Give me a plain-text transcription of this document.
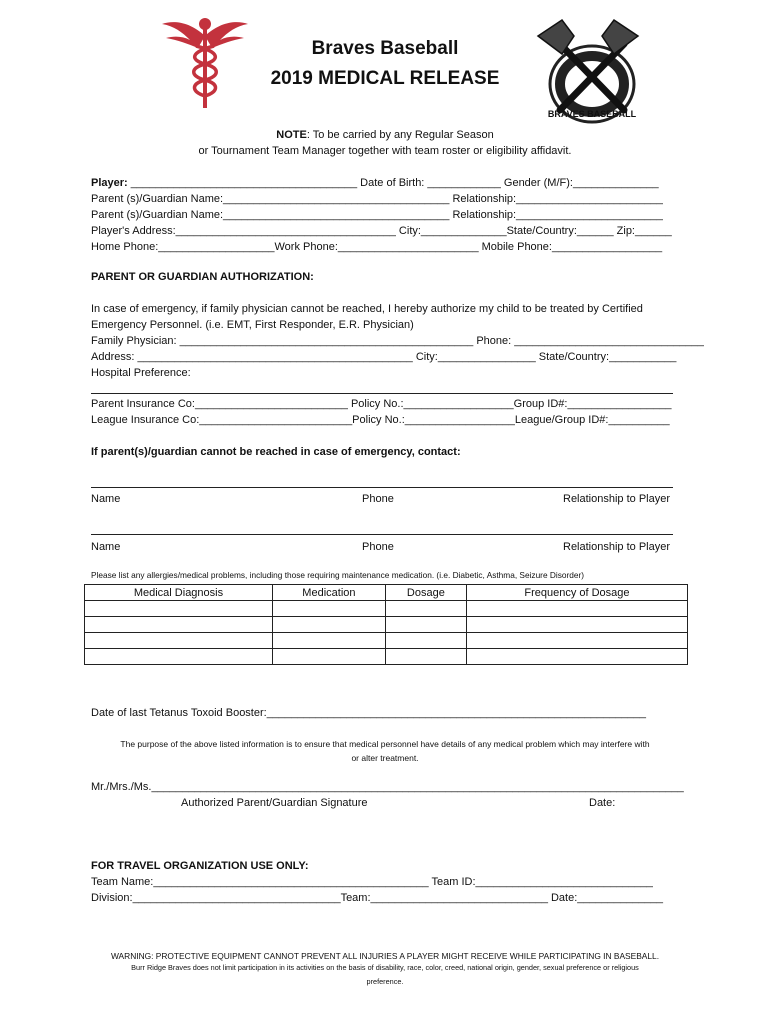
BRAVES BASEBALL
Braves Baseball
2019 MEDICAL RELEASE
NOTE: To be carried by any Regular Season
or Tournament Team Manager together with team roster or eligibility affidavit.
Player: _____________________________________ Date of Birth: ____________ Gender (M/F):______________
Parent (s)/Guardian Name:_____________________________________ Relationship:________________________
Parent (s)/Guardian Name:_____________________________________ Relationship:________________________
Player's Address:____________________________________ City:______________State/Country:______ Zip:______
Home Phone:___________________Work Phone:_______________________ Mobile Phone:__________________
PARENT OR GUARDIAN AUTHORIZATION:
In case of emergency, if family physician cannot be reached, I hereby authorize my child to be treated by Certified
Emergency Personnel. (i.e. EMT, First Responder, E.R. Physician)
Family Physician: ________________________________________________ Phone: _______________________________
Address: _____________________________________________ City:________________ State/Country:___________
Hospital Preference:
Parent Insurance Co:_________________________ Policy No.:__________________Group ID#:_________________
League Insurance Co:_________________________Policy No.:__________________League/Group ID#:__________
If parent(s)/guardian cannot be reached in case of emergency, contact:
Name	Phone	Relationship to Player
Name	Phone	Relationship to Player
Please list any allergies/medical problems, including those requiring maintenance medication. (i.e. Diabetic, Asthma, Seizure Disorder)
Medical Diagnosis	Medication	Dosage	Frequency of Dosage

Date of last Tetanus Toxoid Booster:______________________________________________________________
The purpose of the above listed information is to ensure that medical personnel have details of any medical problem which may interfere with
or alter treatment.
Mr./Mrs./Ms._______________________________________________________________________________________
Authorized Parent/Guardian Signature	Date:
FOR TRAVEL ORGANIZATION USE ONLY:
Team Name:_____________________________________________ Team ID:_____________________________
Division:__________________________________Team:_____________________________ Date:______________
WARNING: PROTECTIVE EQUIPMENT CANNOT PREVENT ALL INJURIES A PLAYER MIGHT RECEIVE WHILE PARTICIPATING IN BASEBALL.
Burr Ridge Braves does not limit participation in its activities on the basis of disability, race, color, creed, national origin, gender, sexual preference or religious
preference.
